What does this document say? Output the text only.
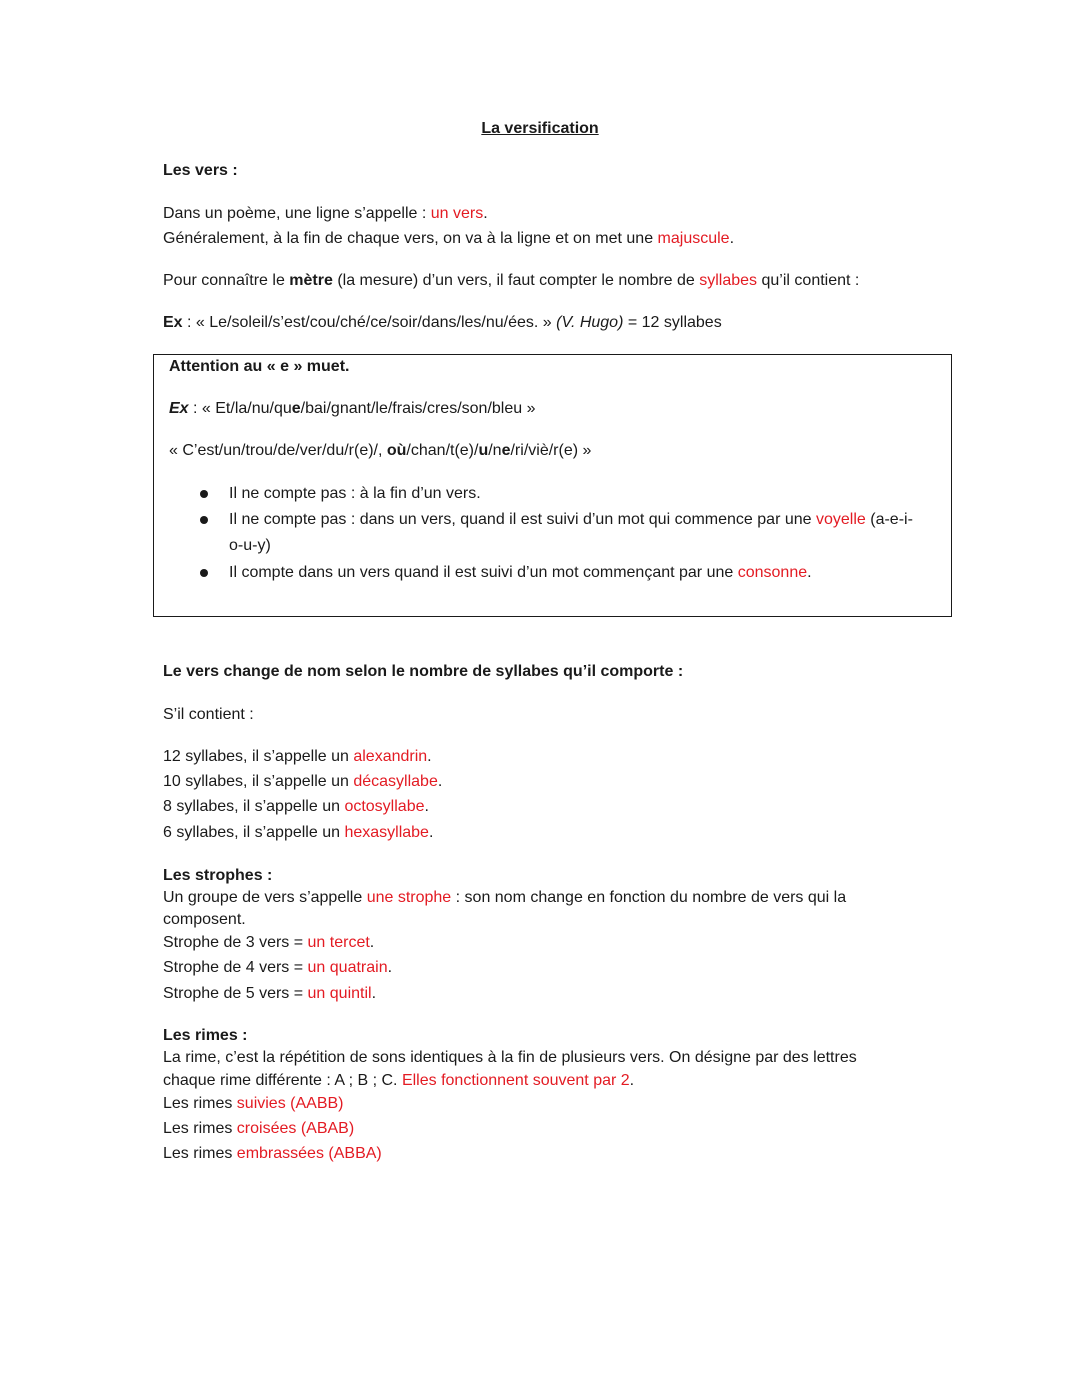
La versification
Les vers :
Dans un poème, une ligne s’appelle : un vers.
Généralement, à la fin de chaque vers, on va à la ligne et on met une majuscule.
Pour connaître le mètre (la mesure) d’un vers, il faut compter le nombre de syllabes qu’il contient :
Ex : « Le/soleil/s’est/cou/ché/ce/soir/dans/les/nu/ées. » (V. Hugo) = 12 syllabes
Attention au « e » muet.
Ex : « Et/la/nu/que/bai/gnant/le/frais/cres/son/bleu »
« C’est/un/trou/de/ver/du/r(e)/, où/chan/t(e)/u/ne/ri/viè/r(e) »
Il ne compte pas : à la fin d’un vers.
Il ne compte pas : dans un vers, quand il est suivi d’un mot qui commence par une voyelle (a-e-i-
o-u-y)
Il compte dans un vers quand il est suivi d’un mot commençant par une consonne.
Le vers change de nom selon le nombre de syllabes qu’il comporte :
S’il contient :
12 syllabes, il s’appelle un alexandrin.
10 syllabes, il s’appelle un décasyllabe.
8 syllabes, il s’appelle un octosyllabe.
6 syllabes, il s’appelle un hexasyllabe.
Les strophes :
Un groupe de vers s’appelle une strophe : son nom change en fonction du nombre de vers qui la
composent.
Strophe de 3 vers = un tercet.
Strophe de 4 vers = un quatrain.
Strophe de 5 vers = un quintil.
Les rimes :
La rime, c’est la répétition de sons identiques à la fin de plusieurs vers. On désigne par des lettres
chaque rime différente : A ; B ; C. Elles fonctionnent souvent par 2.
Les rimes suivies (AABB)
Les rimes croisées (ABAB)
Les rimes embrassées (ABBA)
